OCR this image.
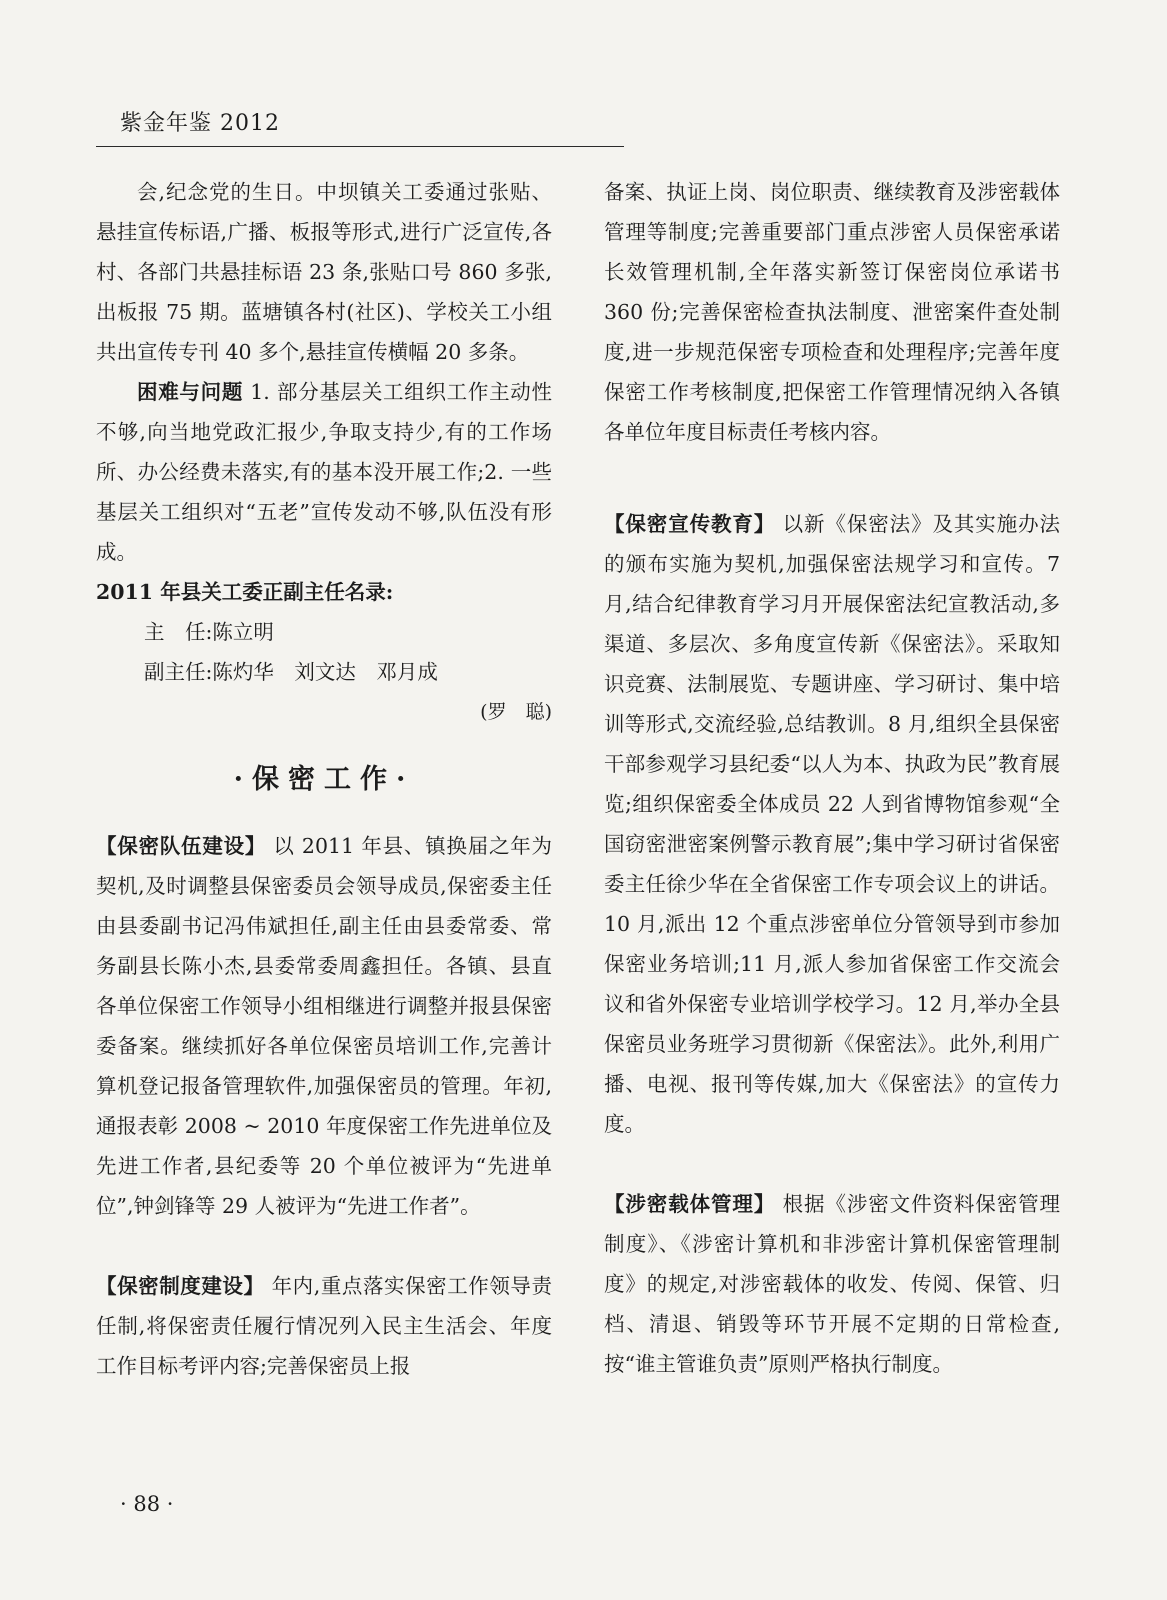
紫金年鉴 2012

会,纪念党的生日。中坝镇关工委通过张贴、悬挂宣传标语,广播、板报等形式,进行广泛宣传,各村、各部门共悬挂标语 23 条,张贴口号 860 多张,出板报 75 期。蓝塘镇各村(社区)、学校关工小组共出宣传专刊 40 多个,悬挂宣传横幅 20 多条。

困难与问题 1. 部分基层关工组织工作主动性不够,向当地党政汇报少,争取支持少,有的工作场所、办公经费未落实,有的基本没开展工作;2. 一些基层关工组织对“五老”宣传发动不够,队伍没有形成。

2011 年县关工委正副主任名录:

主　任:陈立明

副主任:陈灼华　刘文达　邓月成

(罗　聪)

·保密工作·

【保密队伍建设】 以 2011 年县、镇换届之年为契机,及时调整县保密委员会领导成员,保密委主任由县委副书记冯伟斌担任,副主任由县委常委、常务副县长陈小杰,县委常委周鑫担任。各镇、县直各单位保密工作领导小组相继进行调整并报县保密委备案。继续抓好各单位保密员培训工作,完善计算机登记报备管理软件,加强保密员的管理。年初,通报表彰 2008 ~ 2010 年度保密工作先进单位及先进工作者,县纪委等 20 个单位被评为“先进单位”,钟剑锋等 29 人被评为“先进工作者”。

【保密制度建设】 年内,重点落实保密工作领导责任制,将保密责任履行情况列入民主生活会、年度工作目标考评内容;完善保密员上报

备案、执证上岗、岗位职责、继续教育及涉密载体管理等制度;完善重要部门重点涉密人员保密承诺长效管理机制,全年落实新签订保密岗位承诺书 360 份;完善保密检查执法制度、泄密案件查处制度,进一步规范保密专项检查和处理程序;完善年度保密工作考核制度,把保密工作管理情况纳入各镇各单位年度目标责任考核内容。

【保密宣传教育】 以新《保密法》及其实施办法的颁布实施为契机,加强保密法规学习和宣传。7 月,结合纪律教育学习月开展保密法纪宣教活动,多渠道、多层次、多角度宣传新《保密法》。采取知识竞赛、法制展览、专题讲座、学习研讨、集中培训等形式,交流经验,总结教训。8 月,组织全县保密干部参观学习县纪委“以人为本、执政为民”教育展览;组织保密委全体成员 22 人到省博物馆参观“全国窃密泄密案例警示教育展”;集中学习研讨省保密委主任徐少华在全省保密工作专项会议上的讲话。10 月,派出 12 个重点涉密单位分管领导到市参加保密业务培训;11 月,派人参加省保密工作交流会议和省外保密专业培训学校学习。12 月,举办全县保密员业务班学习贯彻新《保密法》。此外,利用广播、电视、报刊等传媒,加大《保密法》的宣传力度。

【涉密载体管理】 根据《涉密文件资料保密管理制度》、《涉密计算机和非涉密计算机保密管理制度》的规定,对涉密载体的收发、传阅、保管、归档、清退、销毁等环节开展不定期的日常检查,按“谁主管谁负责”原则严格执行制度。

· 88 ·
